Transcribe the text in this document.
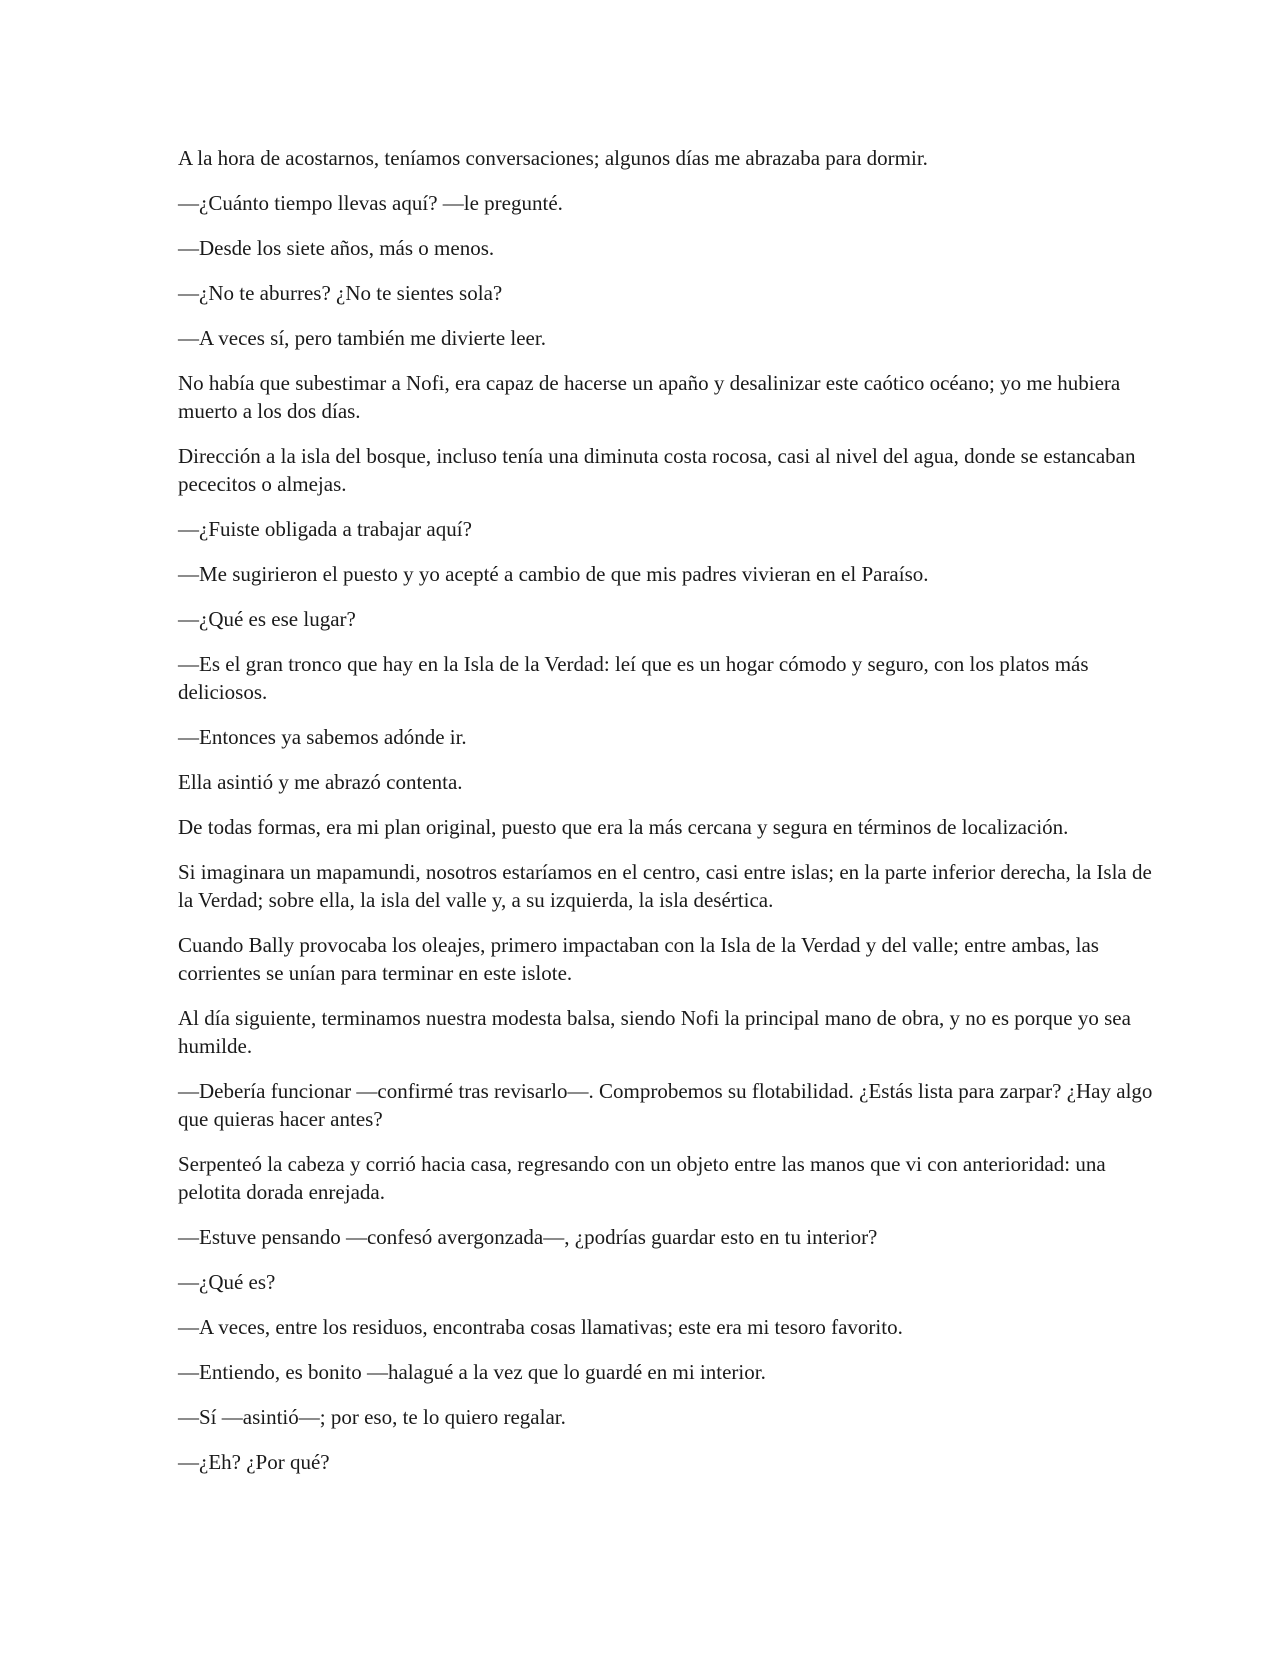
A la hora de acostarnos, teníamos conversaciones; algunos días me abrazaba para dormir.

—¿Cuánto tiempo llevas aquí? —le pregunté.

—Desde los siete años, más o menos.

—¿No te aburres? ¿No te sientes sola?

—A veces sí, pero también me divierte leer.

No había que subestimar a Nofi, era capaz de hacerse un apaño y desalinizar este caótico océano; yo me hubiera muerto a los dos días.

Dirección a la isla del bosque, incluso tenía una diminuta costa rocosa, casi al nivel del agua, donde se estancaban pececitos o almejas.

—¿Fuiste obligada a trabajar aquí?

—Me sugirieron el puesto y yo acepté a cambio de que mis padres vivieran en el Paraíso.

—¿Qué es ese lugar?

—Es el gran tronco que hay en la Isla de la Verdad: leí que es un hogar cómodo y seguro, con los platos más deliciosos.

—Entonces ya sabemos adónde ir.

Ella asintió y me abrazó contenta.

De todas formas, era mi plan original, puesto que era la más cercana y segura en términos de localización.

Si imaginara un mapamundi, nosotros estaríamos en el centro, casi entre islas; en la parte inferior derecha, la Isla de la Verdad; sobre ella, la isla del valle y, a su izquierda, la isla desértica.

Cuando Bally provocaba los oleajes, primero impactaban con la Isla de la Verdad y del valle; entre ambas, las corrientes se unían para terminar en este islote.

Al día siguiente, terminamos nuestra modesta balsa, siendo Nofi la principal mano de obra, y no es porque yo sea humilde.

—Debería funcionar —confirmé tras revisarlo—. Comprobemos su flotabilidad. ¿Estás lista para zarpar? ¿Hay algo que quieras hacer antes?

Serpenteó la cabeza y corrió hacia casa, regresando con un objeto entre las manos que vi con anterioridad: una pelotita dorada enrejada.

—Estuve pensando —confesó avergonzada—, ¿podrías guardar esto en tu interior?

—¿Qué es?

—A veces, entre los residuos, encontraba cosas llamativas; este era mi tesoro favorito.

—Entiendo, es bonito —halagué a la vez que lo guardé en mi interior.

—Sí —asintió—; por eso, te lo quiero regalar.

—¿Eh? ¿Por qué?
